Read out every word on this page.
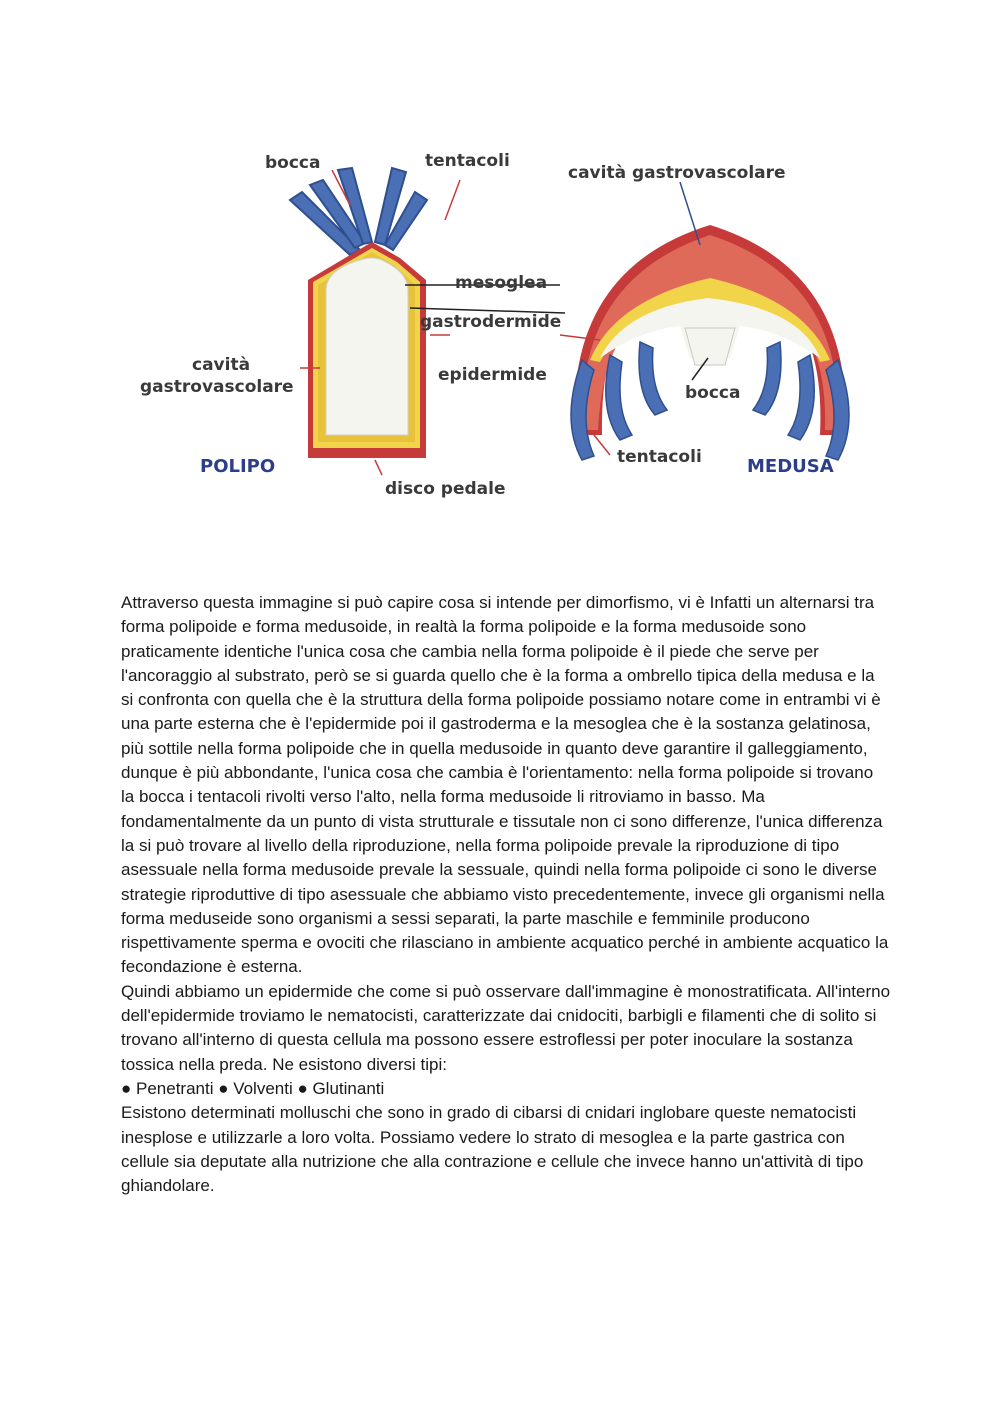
bocca	tentacoli
mesoglea
gastrodermide
epidermide
cavità
gastrovascolare
POLIPO
disco pedale
cavità gastrovascolare
bocca
tentacoli	MEDUSA

Attraverso questa immagine si può capire cosa si intende per dimorfismo, vi è Infatti un alternarsi tra forma polipoide e forma medusoide, in realtà la forma polipoide e la forma medusoide sono praticamente identiche l'unica cosa che cambia nella forma polipoide è il piede che serve per l'ancoraggio al substrato, però se si guarda quello che è la forma a ombrello tipica della medusa e la si confronta con quella che è la struttura della forma polipoide possiamo notare come in entrambi vi è una parte esterna che è l'epidermide poi il gastroderma e la mesoglea che è la sostanza gelatinosa, più sottile nella forma polipoide che in quella medusoide in quanto deve garantire il galleggiamento, dunque è più abbondante, l'unica cosa che cambia è l'orientamento: nella forma polipoide si trovano la bocca i tentacoli rivolti verso l'alto, nella forma medusoide li ritroviamo in basso. Ma fondamentalmente da un punto di vista strutturale e tissutale non ci sono differenze, l'unica differenza la si può trovare al livello della riproduzione, nella forma polipoide prevale la riproduzione di tipo asessuale nella forma medusoide prevale la sessuale, quindi nella forma polipoide ci sono le diverse strategie riproduttive di tipo asessuale che abbiamo visto precedentemente, invece gli organismi nella forma meduseide sono organismi a sessi separati, la parte maschile e femminile producono rispettivamente sperma e ovociti che rilasciano in ambiente acquatico perché in ambiente acquatico la fecondazione è esterna.

Quindi abbiamo un epidermide che come si può osservare dall'immagine è monostratificata. All'interno dell'epidermide troviamo le nematocisti, caratterizzate dai cnidociti, barbigli e filamenti che di solito si trovano all'interno di questa cellula ma possono essere estroflessi per poter inoculare la sostanza tossica nella preda. Ne esistono diversi tipi:

● Penetranti ● Volventi ● Glutinanti

Esistono determinati molluschi che sono in grado di cibarsi di cnidari inglobare queste nematocisti inesplose e utilizzarle a loro volta. Possiamo vedere lo strato di mesoglea e la parte gastrica con cellule sia deputate alla nutrizione che alla contrazione e cellule che invece hanno un'attività di tipo ghiandolare.
